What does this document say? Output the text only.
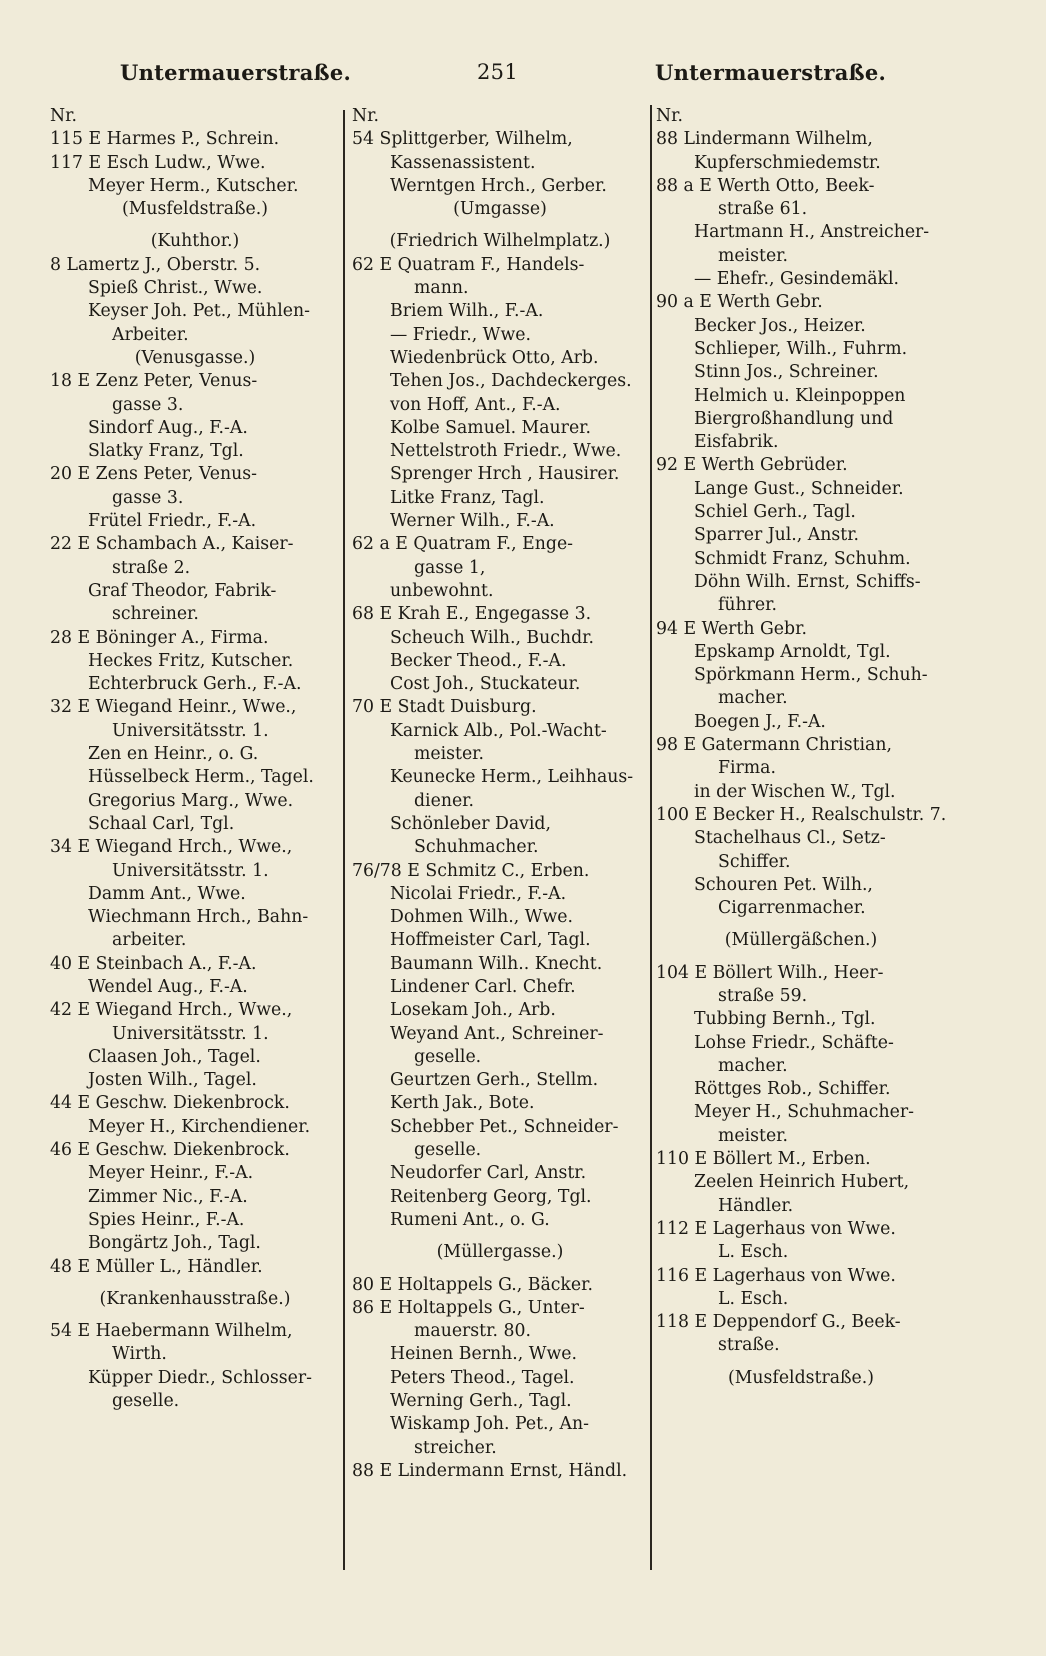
Untermauerstraße.	251	Untermauerstraße.
Nr.
115 E Harmes P., Schrein.
117 E Esch Ludw., Wwe.
Meyer Herm., Kutscher.
(Musfeldstraße.)
(Kuhthor.)
8 Lamertz J., Oberstr. 5.
Spieß Christ., Wwe.
Keyser Joh. Pet., Mühlen-
Arbeiter.
(Venusgasse.)
18 E Zenz Peter, Venus-
gasse 3.
Sindorf Aug., F.-A.
Slatky Franz, Tgl.
20 E Zens Peter, Venus-
gasse 3.
Frütel Friedr., F.-A.
22 E Schambach A., Kaiser-
straße 2.
Graf Theodor, Fabrik-
schreiner.
28 E Böninger A., Firma.
Heckes Fritz, Kutscher.
Echterbruck Gerh., F.-A.
32 E Wiegand Heinr., Wwe.,
Universitätsstr. 1.
Zen en Heinr., o. G.
Hüsselbeck Herm., Tagel.
Gregorius Marg., Wwe.
Schaal Carl, Tgl.
34 E Wiegand Hrch., Wwe.,
Universitätsstr. 1.
Damm Ant., Wwe.
Wiechmann Hrch., Bahn-
arbeiter.
40 E Steinbach A., F.-A.
Wendel Aug., F.-A.
42 E Wiegand Hrch., Wwe.,
Universitätsstr. 1.
Claasen Joh., Tagel.
Josten Wilh., Tagel.
44 E Geschw. Diekenbrock.
Meyer H., Kirchendiener.
46 E Geschw. Diekenbrock.
Meyer Heinr., F.-A.
Zimmer Nic., F.-A.
Spies Heinr., F.-A.
Bongärtz Joh., Tagl.
48 E Müller L., Händler.
(Krankenhausstraße.)
54 E Haebermann Wilhelm,
Wirth.
Küpper Diedr., Schlosser-
geselle.
Nr.
54 Splittgerber, Wilhelm,
Kassenassistent.
Werntgen Hrch., Gerber.
(Umgasse)
(Friedrich Wilhelmplatz.)
62 E Quatram F., Handels-
mann.
Briem Wilh., F.-A.
— Friedr., Wwe.
Wiedenbrück Otto, Arb.
Tehen Jos., Dachdeckerges.
von Hoff, Ant., F.-A.
Kolbe Samuel. Maurer.
Nettelstroth Friedr., Wwe.
Sprenger Hrch , Hausirer.
Litke Franz, Tagl.
Werner Wilh., F.-A.
62 a E Quatram F., Enge-
gasse 1,
unbewohnt.
68 E Krah E., Engegasse 3.
Scheuch Wilh., Buchdr.
Becker Theod., F.-A.
Cost Joh., Stuckateur.
70 E Stadt Duisburg.
Karnick Alb., Pol.-Wacht-
meister.
Keunecke Herm., Leihhaus-
diener.
Schönleber David,
Schuhmacher.
76/78 E Schmitz C., Erben.
Nicolai Friedr., F.-A.
Dohmen Wilh., Wwe.
Hoffmeister Carl, Tagl.
Baumann Wilh.. Knecht.
Lindener Carl. Chefr.
Losekam Joh., Arb.
Weyand Ant., Schreiner-
geselle.
Geurtzen Gerh., Stellm.
Kerth Jak., Bote.
Schebber Pet., Schneider-
geselle.
Neudorfer Carl, Anstr.
Reitenberg Georg, Tgl.
Rumeni Ant., o. G.
(Müllergasse.)
80 E Holtappels G., Bäcker.
86 E Holtappels G., Unter-
mauerstr. 80.
Heinen Bernh., Wwe.
Peters Theod., Tagel.
Werning Gerh., Tagl.
Wiskamp Joh. Pet., An-
streicher.
88 E Lindermann Ernst, Händl.
Nr.
88 Lindermann Wilhelm,
Kupferschmiedemstr.
88 a E Werth Otto, Beek-
straße 61.
Hartmann H., Anstreicher-
meister.
— Ehefr., Gesindemäkl.
90 a E Werth Gebr.
Becker Jos., Heizer.
Schlieper, Wilh., Fuhrm.
Stinn Jos., Schreiner.
Helmich u. Kleinpoppen
Biergroßhandlung und
Eisfabrik.
92 E Werth Gebrüder.
Lange Gust., Schneider.
Schiel Gerh., Tagl.
Sparrer Jul., Anstr.
Schmidt Franz, Schuhm.
Döhn Wilh. Ernst, Schiffs-
führer.
94 E Werth Gebr.
Epskamp Arnoldt, Tgl.
Spörkmann Herm., Schuh-
macher.
Boegen J., F.-A.
98 E Gatermann Christian,
Firma.
in der Wischen W., Tgl.
100 E Becker H., Realschulstr. 7.
Stachelhaus Cl., Setz-
Schiffer.
Schouren Pet. Wilh.,
Cigarrenmacher.
(Müllergäßchen.)
104 E Böllert Wilh., Heer-
straße 59.
Tubbing Bernh., Tgl.
Lohse Friedr., Schäfte-
macher.
Röttges Rob., Schiffer.
Meyer H., Schuhmacher-
meister.
110 E Böllert M., Erben.
Zeelen Heinrich Hubert,
Händler.
112 E Lagerhaus von Wwe.
L. Esch.
116 E Lagerhaus von Wwe.
L. Esch.
118 E Deppendorf G., Beek-
straße.
(Musfeldstraße.)
